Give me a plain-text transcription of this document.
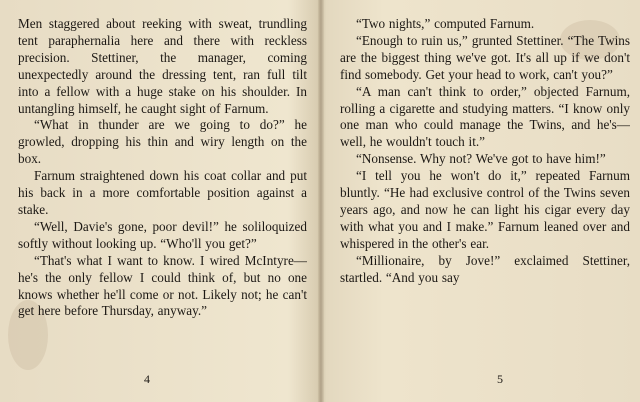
Men staggered about reeking with sweat, trundling tent paraphernalia here and there with reckless precision. Stettiner, the manager, coming unexpectedly around the dressing tent, ran full tilt into a fellow with a huge stake on his shoulder. In untangling himself, he caught sight of Farnum.

“What in thunder are we going to do?” he growled, dropping his thin and wiry length on the box.

Farnum straightened down his coat collar and put his back in a more comfortable position against a stake.

“Well, Davie's gone, poor devil!” he soliloquized softly without looking up. “Who'll you get?”

“That's what I want to know. I wired McIntyre—he's the only fellow I could think of, but no one knows whether he'll come or not. Likely not; he can't get here before Thursday, anyway.”

4

“Two nights,” computed Farnum.

“Enough to ruin us,” grunted Stettiner. “The Twins are the biggest thing we've got. It's all up if we don't find somebody. Get your head to work, can't you?”

“A man can't think to order,” objected Farnum, rolling a cigarette and studying matters. “I know only one man who could manage the Twins, and he's—well, he wouldn't touch it.”

“Nonsense. Why not? We've got to have him!”

“I tell you he won't do it,” repeated Farnum bluntly. “He had exclusive control of the Twins seven years ago, and now he can light his cigar every day with what you and I make.” Farnum leaned over and whispered in the other's ear.

“Millionaire, by Jove!” exclaimed Stettiner, startled. “And you say

5
